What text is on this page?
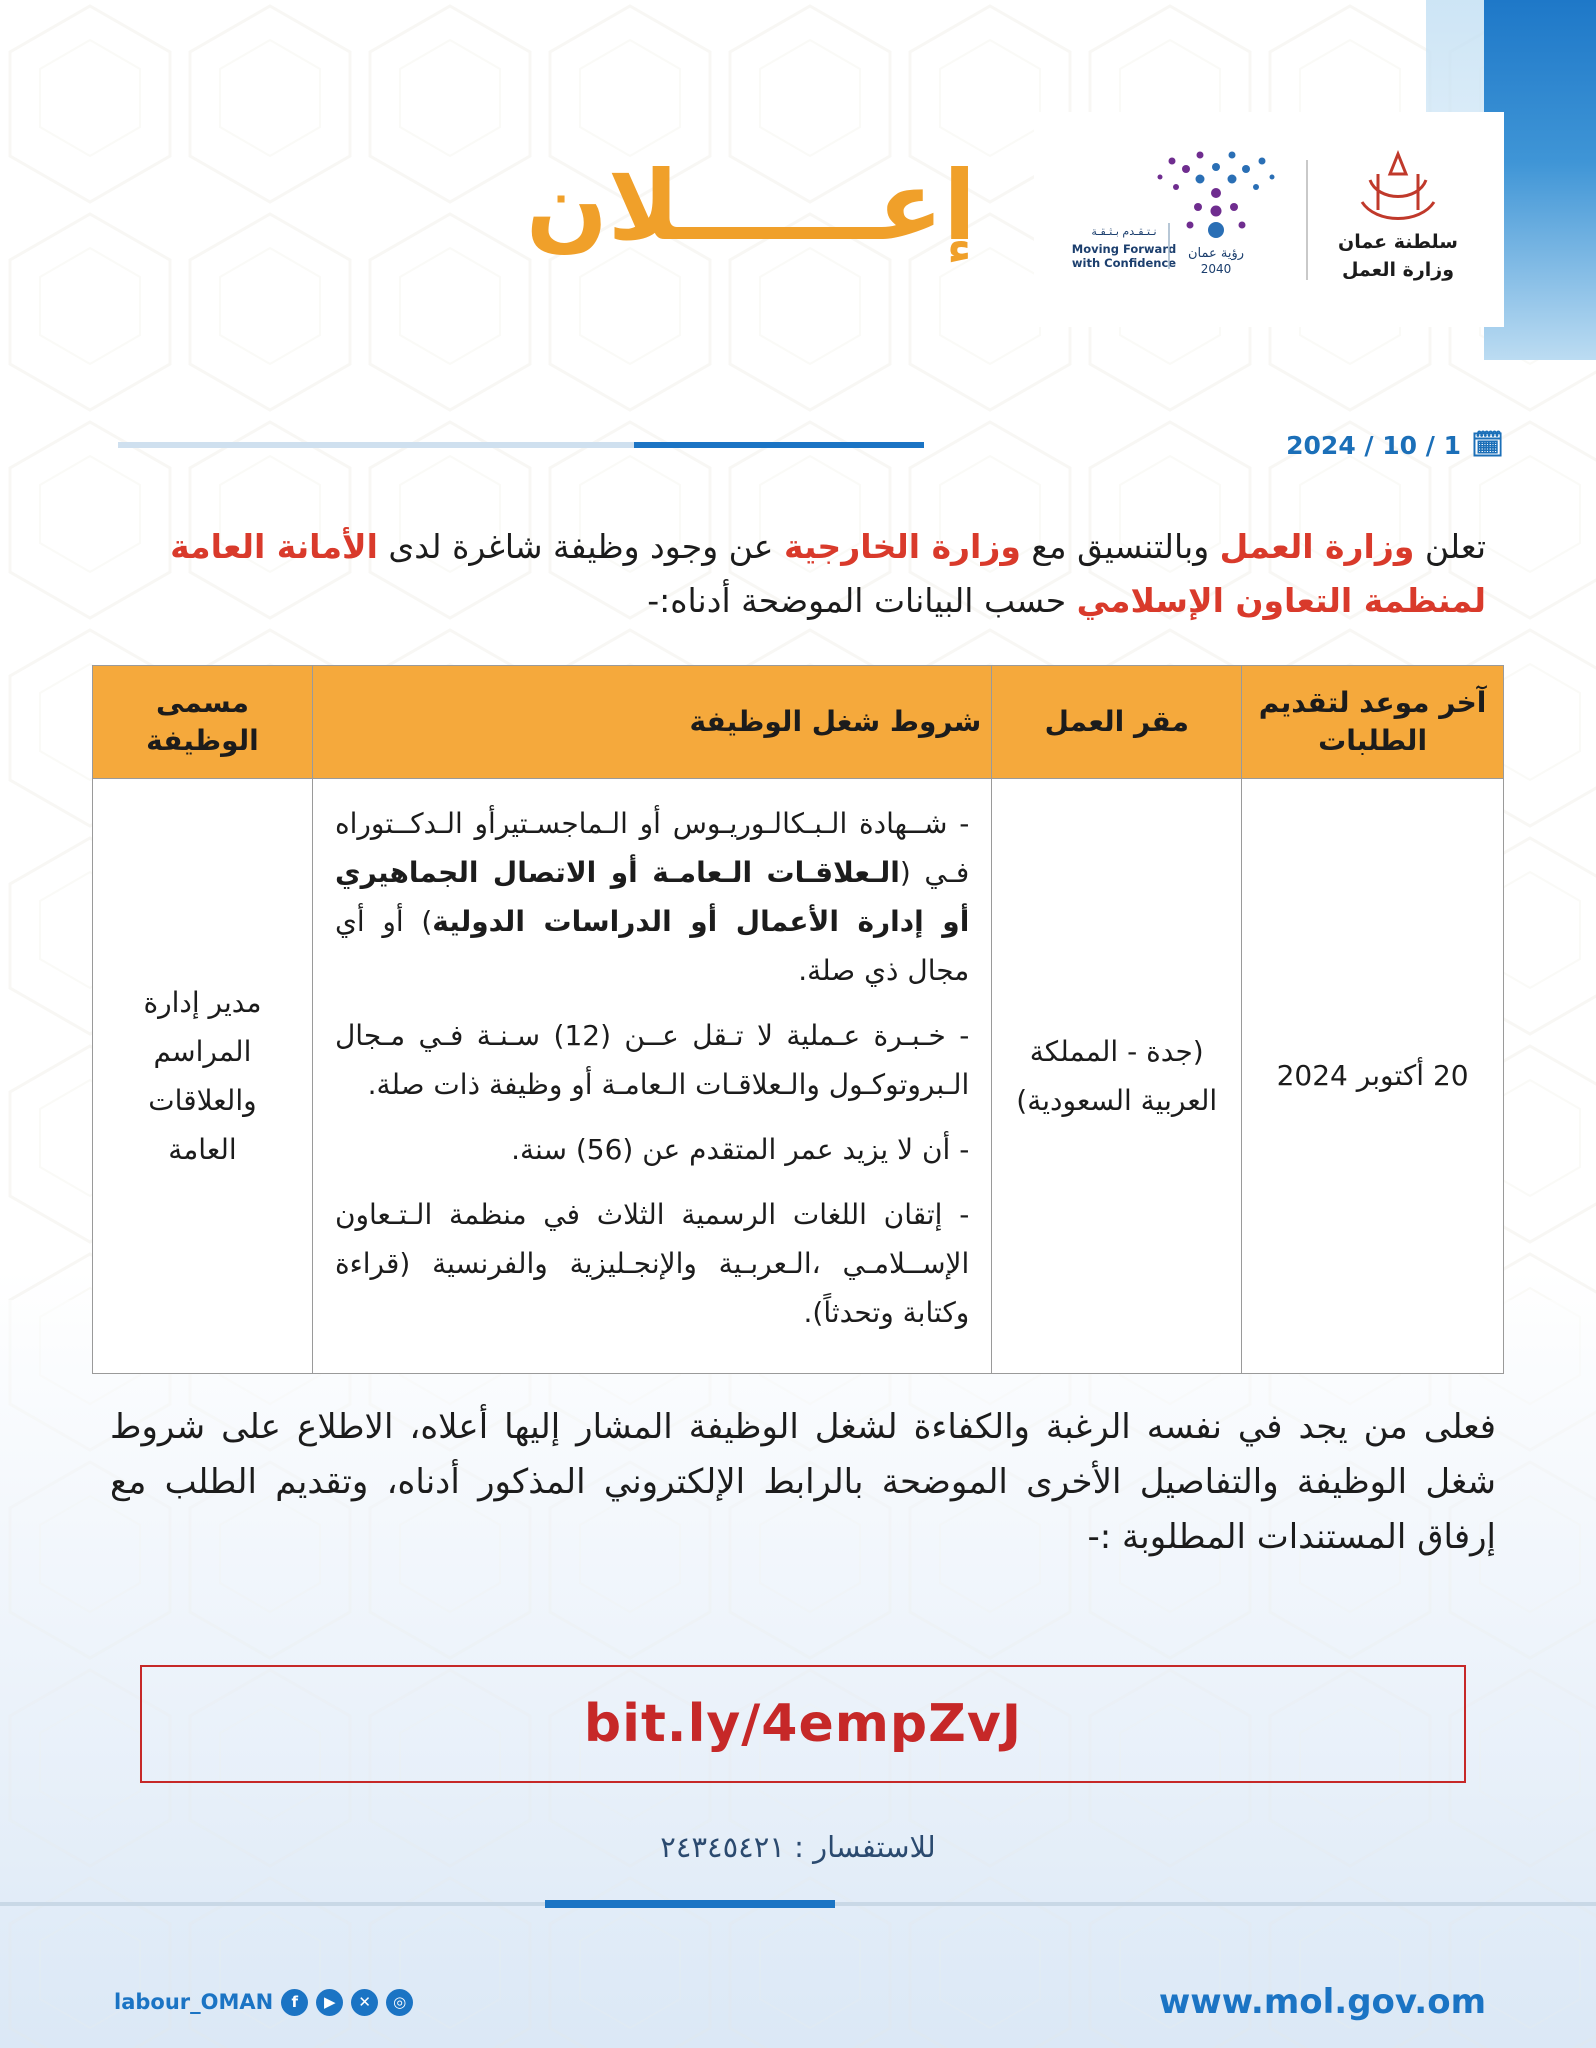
سلطنة عمان
وزارة العمل
رؤية عمان
2040
نـتـقـدم بـثـقـة
Moving Forward
with Confidence
إعــــــلان
2024 / 10 / 1 🗓
تعلن وزارة العمل وبالتنسيق مع وزارة الخارجية عن وجود وظيفة شاغرة لدى الأمانة العامة لمنظمة التعاون الإسلامي حسب البيانات الموضحة أدناه:-
آخر موعد لتقديم الطلبات	مقر العمل	شروط شغل الوظيفة	مسمى الوظيفة
20 أكتوبر 2024	(جدة - المملكة العربية السعودية)	- شــهادة الـبـكالـوريـوس أو الـماجسـتيرأو الـدكــتوراه فـي (الـعلاقـات الـعامـة أو الاتصال الجماهيري أو إدارة الأعمال أو الدراسات الدولية) أو أي مجال ذي صلة.

- خـبـرة عـملية لا تـقل عــن (12) سـنـة فـي مـجال الـبروتوكـول والـعلاقـات الـعامـة أو وظيفة ذات صلة.

- أن لا يزيد عمر المتقدم عن (56) سنة.

- إتقان اللغات الرسمية الثلاث في منظمة الـتـعاون الإســلامـي ،الـعربـية والإنجـليزية والفرنسية (قراءة وكتابة وتحدثاً).	مدير إدارة المراسم والعلاقات العامة
فعلى من يجد في نفسه الرغبة والكفاءة لشغل الوظيفة المشار إليها أعلاه، الاطلاع على شروط شغل الوظيفة والتفاصيل الأخرى الموضحة بالرابط الإلكتروني المذكور أدناه، وتقديم الطلب مع إرفاق المستندات المطلوبة :-
bit.ly/4empZvJ
للاستفسار : ٢٤٣٤٥٤٢١
www.mol.gov.om
labour_OMAN	f	▶	✕	◎
